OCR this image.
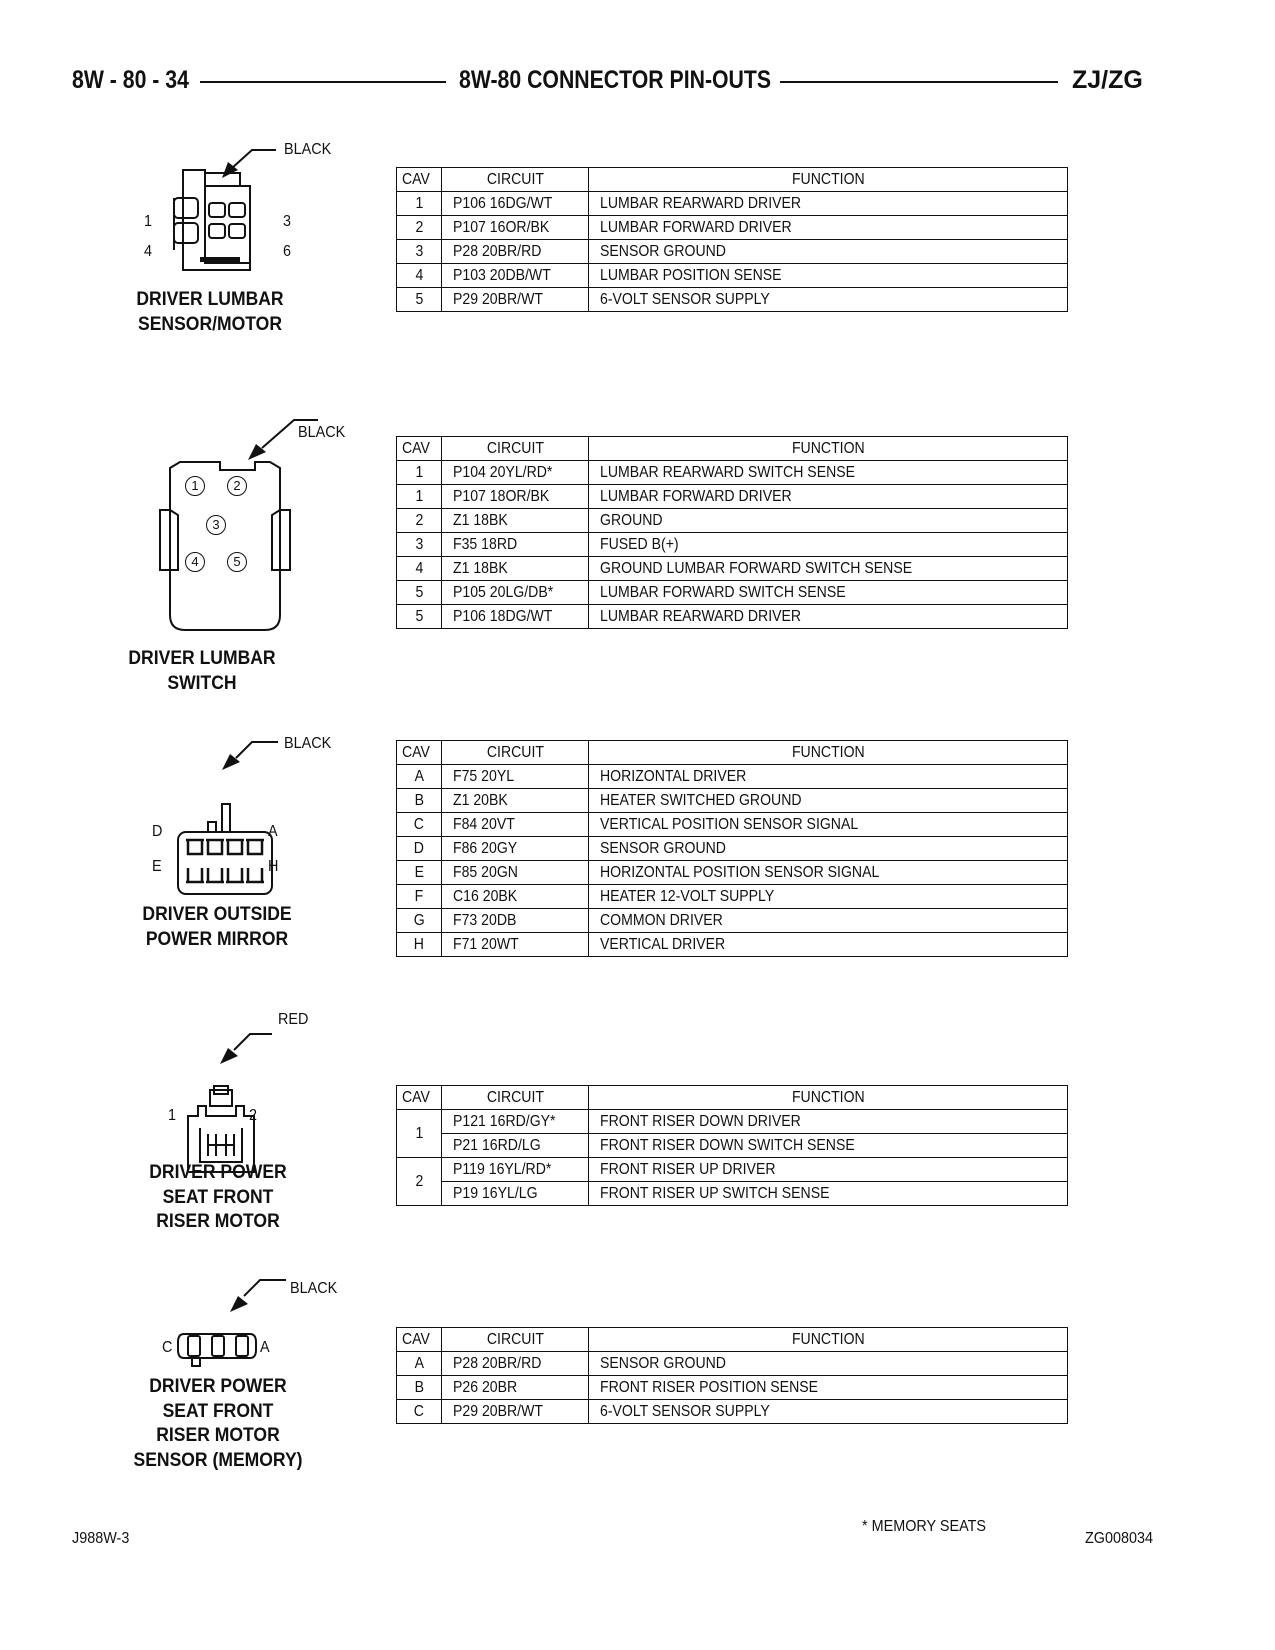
8W - 80 - 34	8W-80 CONNECTOR PIN-OUTS	ZJ/ZG
BLACK
1	3
4	6
DRIVER LUMBAR
SENSOR/MOTOR
CAV	CIRCUIT	FUNCTION
1	P106 16DG/WT	LUMBAR REARWARD DRIVER
2	P107 16OR/BK	LUMBAR FORWARD DRIVER
3	P28 20BR/RD	SENSOR GROUND
4	P103 20DB/WT	LUMBAR POSITION SENSE
5	P29 20BR/WT	6-VOLT SENSOR SUPPLY
BLACK
1	2
3
4	5
DRIVER LUMBAR
SWITCH
CAV	CIRCUIT	FUNCTION
1	P104 20YL/RD*	LUMBAR REARWARD SWITCH SENSE
1	P107 18OR/BK	LUMBAR FORWARD DRIVER
2	Z1 18BK	GROUND
3	F35 18RD	FUSED B(+)
4	Z1 18BK	GROUND LUMBAR FORWARD SWITCH SENSE
5	P105 20LG/DB*	LUMBAR FORWARD SWITCH SENSE
5	P106 18DG/WT	LUMBAR REARWARD DRIVER
BLACK
D	A
E	H
DRIVER OUTSIDE
POWER MIRROR
CAV	CIRCUIT	FUNCTION
A	F75 20YL	HORIZONTAL DRIVER
B	Z1 20BK	HEATER SWITCHED GROUND
C	F84 20VT	VERTICAL POSITION SENSOR SIGNAL
D	F86 20GY	SENSOR GROUND
E	F85 20GN	HORIZONTAL POSITION SENSOR SIGNAL
F	C16 20BK	HEATER 12-VOLT SUPPLY
G	F73 20DB	COMMON DRIVER
H	F71 20WT	VERTICAL DRIVER
RED
1	2
DRIVER POWER
SEAT FRONT
RISER MOTOR
CAV	CIRCUIT	FUNCTION
1	P121 16RD/GY*	FRONT RISER DOWN DRIVER
	P21 16RD/LG	FRONT RISER DOWN SWITCH SENSE
2	P119 16YL/RD*	FRONT RISER UP DRIVER
	P19 16YL/LG	FRONT RISER UP SWITCH SENSE
BLACK
C	A
DRIVER POWER
SEAT FRONT
RISER MOTOR
SENSOR (MEMORY)
CAV	CIRCUIT	FUNCTION
A	P28 20BR/RD	SENSOR GROUND
B	P26 20BR	FRONT RISER POSITION SENSE
C	P29 20BR/WT	6-VOLT SENSOR SUPPLY
J988W-3
* MEMORY SEATS
ZG008034
